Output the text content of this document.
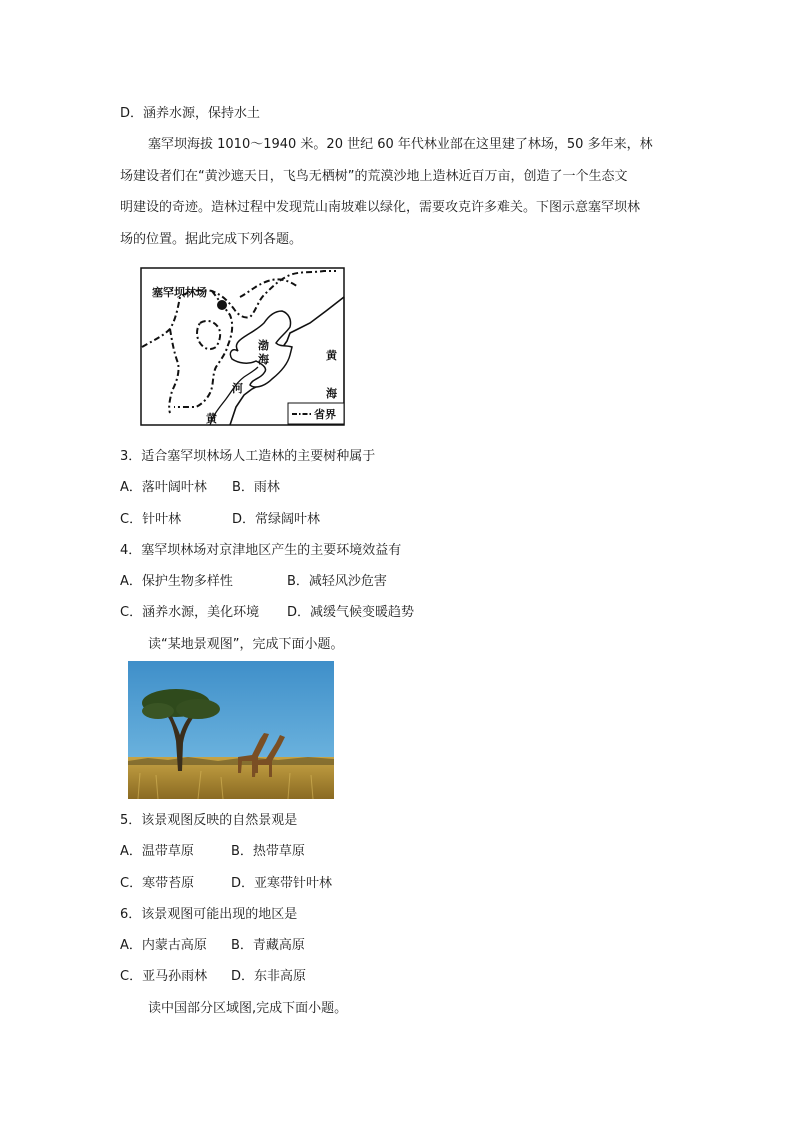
D．涵养水源，保持水土
塞罕坝海拔 1010～1940 米。20 世纪 60 年代林业部在这里建了林场，50 多年来，林
场建设者们在“黄沙遮天日，飞鸟无栖树”的荒漠沙地上造林近百万亩，创造了一个生态文
明建设的奇迹。造林过程中发现荒山南坡难以绿化，需要攻克许多难关。下图示意塞罕坝林
场的位置。据此完成下列各题。
塞罕坝林场
渤
海	黄
海
河
黄	省界
3．适合塞罕坝林场人工造林的主要树种属于
A．落叶阔叶林 B．雨林
C．针叶林	D．常绿阔叶林
4．塞罕坝林场对京津地区产生的主要环境效益有
A．保护生物多样性	B．减轻风沙危害
C．涵养水源，美化环境 D．减缓气候变暖趋势
读“某地景观图”，完成下面小题。
5．该景观图反映的自然景观是
A．温带草原	B．热带草原
C．寒带苔原	D．亚寒带针叶林
6．该景观图可能出现的地区是
A．内蒙古高原 B．青藏高原
C．亚马孙雨林 D．东非高原
读中国部分区域图,完成下面小题。
